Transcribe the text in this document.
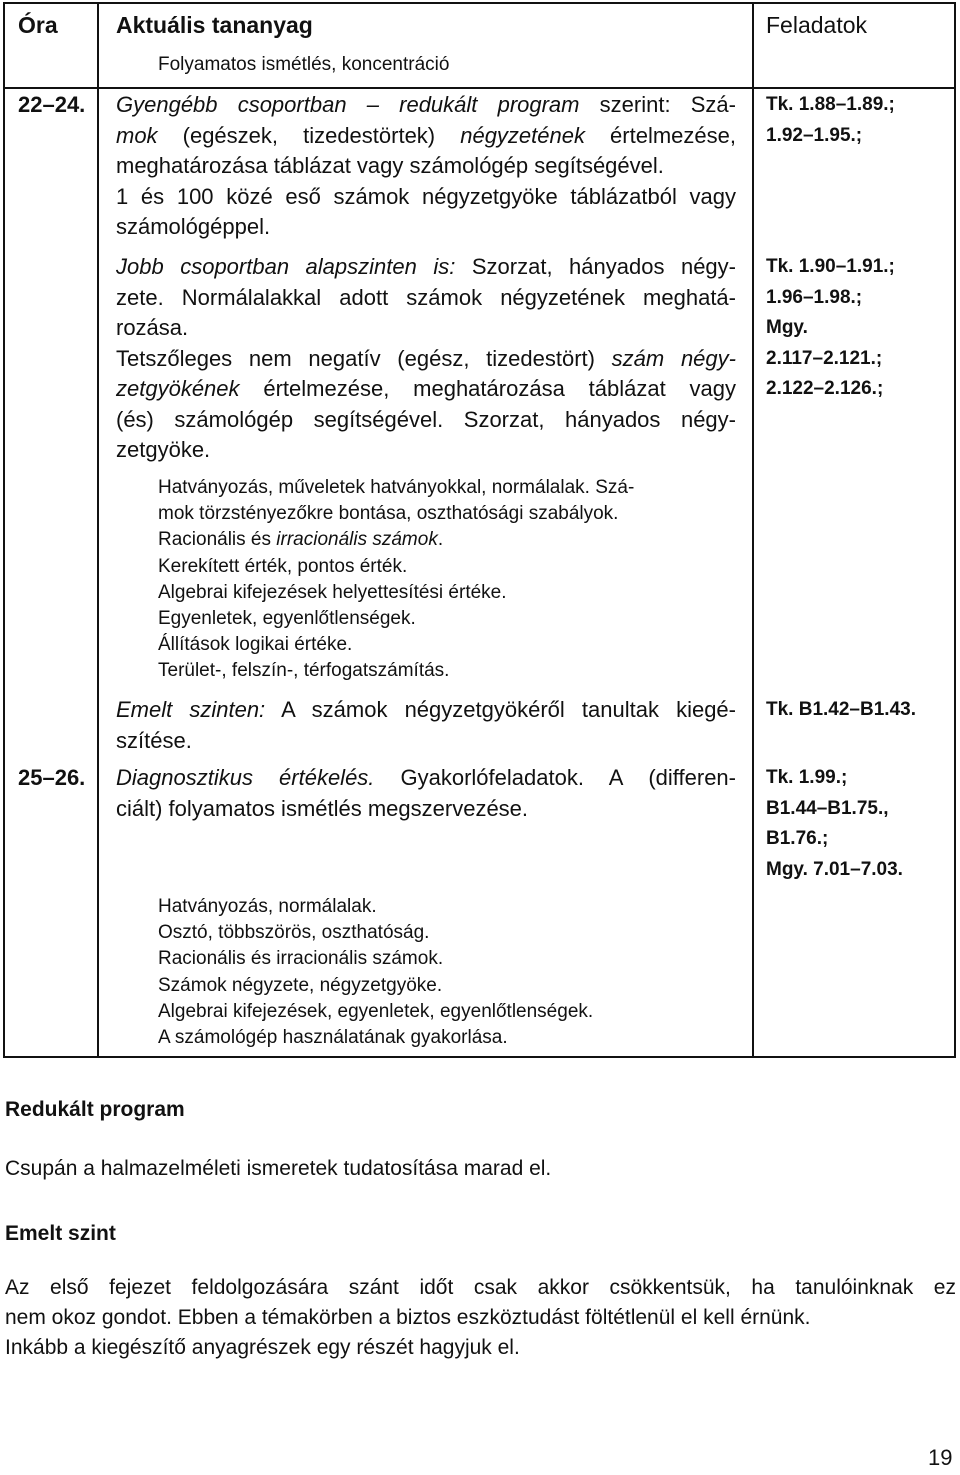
Óra	Aktuális tananyag	Feladatok
Folyamatos ismétlés, koncentráció
22–24. Gyengébb csoportban – redukált program szerint: Szá-
mok (egészek, tizedestörtek) négyzetének értelmezése,
meghatározása táblázat vagy számológép segítségével.
1 és 100 közé eső számok négyzetgyöke táblázatból vagy
számológéppel.
Jobb csoportban alapszinten is: Szorzat, hányados négy-
zete. Normálalakkal adott számok négyzetének meghatá-
rozása.
Tetszőleges nem negatív (egész, tizedestört) szám négy-
zetgyökének értelmezése, meghatározása táblázat vagy
(és) számológép segítségével. Szorzat, hányados négy-
zetgyöke.
Hatványozás, műveletek hatványokkal, normálalak. Szá-
mok törzstényezőkre bontása, oszthatósági szabályok.
Racionális és irracionális számok.
Kerekített érték, pontos érték.
Algebrai kifejezések helyettesítési értéke.
Egyenletek, egyenlőtlenségek.
Állítások logikai értéke.
Terület-, felszín-, térfogatszámítás.
Emelt szinten: A számok négyzetgyökéről tanultak kiegé-
szítése.
Tk. 1.88–1.89.;
1.92–1.95.;
Tk. 1.90–1.91.;
1.96–1.98.;
Mgy.
2.117–2.121.;
2.122–2.126.;
Tk. B1.42–B1.43.
25–26. Diagnosztikus értékelés. Gyakorlófeladatok. A (differen-
ciált) folyamatos ismétlés megszervezése.
Hatványozás, normálalak.
Osztó, többszörös, oszthatóság.
Racionális és irracionális számok.
Számok négyzete, négyzetgyöke.
Algebrai kifejezések, egyenletek, egyenlőtlenségek.
A számológép használatának gyakorlása.
Tk. 1.99.;
B1.44–B1.75.,
B1.76.;
Mgy. 7.01–7.03.
Redukált program
Csupán a halmazelméleti ismeretek tudatosítása marad el.
Emelt szint
Az első fejezet feldolgozására szánt időt csak akkor csökkentsük, ha tanulóinknak ez
nem okoz gondot. Ebben a témakörben a biztos eszköztudást föltétlenül el kell érnünk.
Inkább a kiegészítő anyagrészek egy részét hagyjuk el.
19
